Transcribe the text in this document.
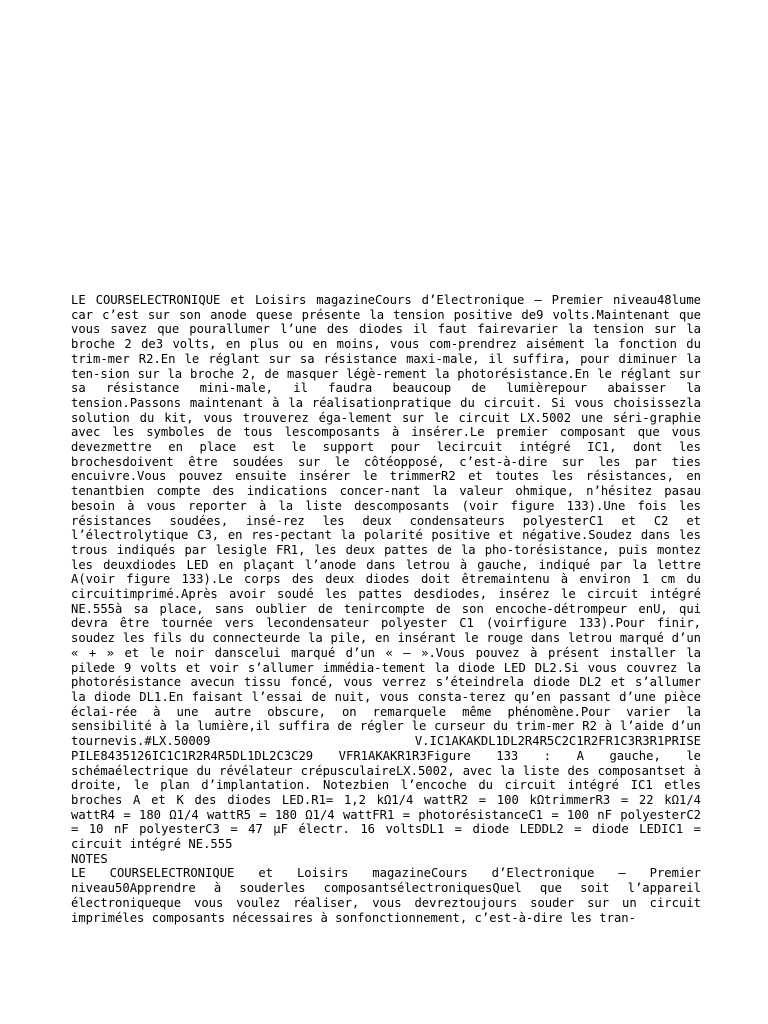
LE COURSELECTRONIQUE et Loisirs magazineCours d’Electronique – Premier niveau48lume car c’est sur son anode quese présente la tension positive de9 volts.Maintenant que vous savez que pourallumer l’une des diodes il faut fairevarier la tension sur la broche 2 de3 volts, en plus ou en moins, vous com-prendrez aisément la fonction du trim-mer R2.En le réglant sur sa résistance maxi-male, il suffira, pour diminuer la ten-sion sur la broche 2, de masquer légè-rement la photorésistance.En le réglant sur sa résistance mini-male, il faudra beaucoup de lumièrepour abaisser la tension.Passons maintenant à la réalisationpratique du circuit. Si vous choisissezla solution du kit, vous trouverez éga-lement sur le circuit LX.5002 une séri-graphie avec les symboles de tous lescomposants à insérer.Le premier composant que vous devezmettre en place est le support pour lecircuit intégré IC1, dont les brochesdoivent être soudées sur le côtéopposé, c’est-à-dire sur les par ties encuivre.Vous pouvez ensuite insérer le trimmerR2 et toutes les résistances, en tenantbien compte des indications concer-nant la valeur ohmique, n’hésitez pasau besoin à vous reporter à la liste descomposants (voir figure 133).Une fois les résistances soudées, insé-rez les deux condensateurs polyesterC1 et C2 et l’électrolytique C3, en res-pectant la polarité positive et négative.Soudez dans les trous indiqués par lesigle FR1, les deux pattes de la pho-torésistance, puis montez les deuxdiodes LED en plaçant l’anode dans letrou à gauche, indiqué par la lettre A(voir figure 133).Le corps des deux diodes doit êtremaintenu à environ 1 cm du circuitimprimé.Après avoir soudé les pattes desdiodes, insérez le circuit intégré NE.555à sa place, sans oublier de tenircompte de son encoche-détrompeur enU, qui devra être tournée vers lecondensateur polyester C1 (voirfigure 133).Pour finir, soudez les fils du connecteurde la pile, en insérant le rouge dans letrou marqué d’un « + » et le noir danscelui marqué d’un « – ».Vous pouvez à présent installer la pilede 9 volts et voir s’allumer immédia-tement la diode LED DL2.Si vous couvrez la photorésistance avecun tissu foncé, vous verrez s’éteindrela diode DL2 et s’allumer la diode DL1.En faisant l’essai de nuit, vous consta-terez qu’en passant d’une pièce éclai-rée à une autre obscure, on remarquele même phénomène.Pour varier la sensibilité à la lumière,il suffira de régler le curseur du trim-mer R2 à l’aide d’un tournevis.#LX.50009 V.IC1AKAKDL1DL2R4R5C2C1R2FR1C3R3R1PRISE PILE8435126IC1C1R2R4R5DL1DL2C3C29 VFR1AKAKR1R3Figure 133 : A gauche, le schémaélectrique du révélateur crépusculaireLX.5002, avec la liste des composantset à droite, le plan d’implantation. Notezbien l’encoche du circuit intégré IC1 etles broches A et K des diodes LED.R1= 1,2 kΩ1/4 wattR2 = 100 kΩtrimmerR3 = 22 kΩ1/4 wattR4 = 180 Ω1/4 wattR5 = 180 Ω1/4 wattFR1 = photorésistanceC1 = 100 nF polyesterC2 = 10 nF polyesterC3 = 47 µF électr. 16 voltsDL1 = diode LEDDL2 = diode LEDIC1 = circuit intégré NE.555

NOTES

LE COURSELECTRONIQUE et Loisirs magazineCours d’Electronique – Premier niveau50Apprendre à souderles composantsélectroniquesQuel que soit l’appareil électroniqueque vous voulez réaliser, vous devreztoujours souder sur un circuit impriméles composants nécessaires à sonfonctionnement, c’est-à-dire les tran-
